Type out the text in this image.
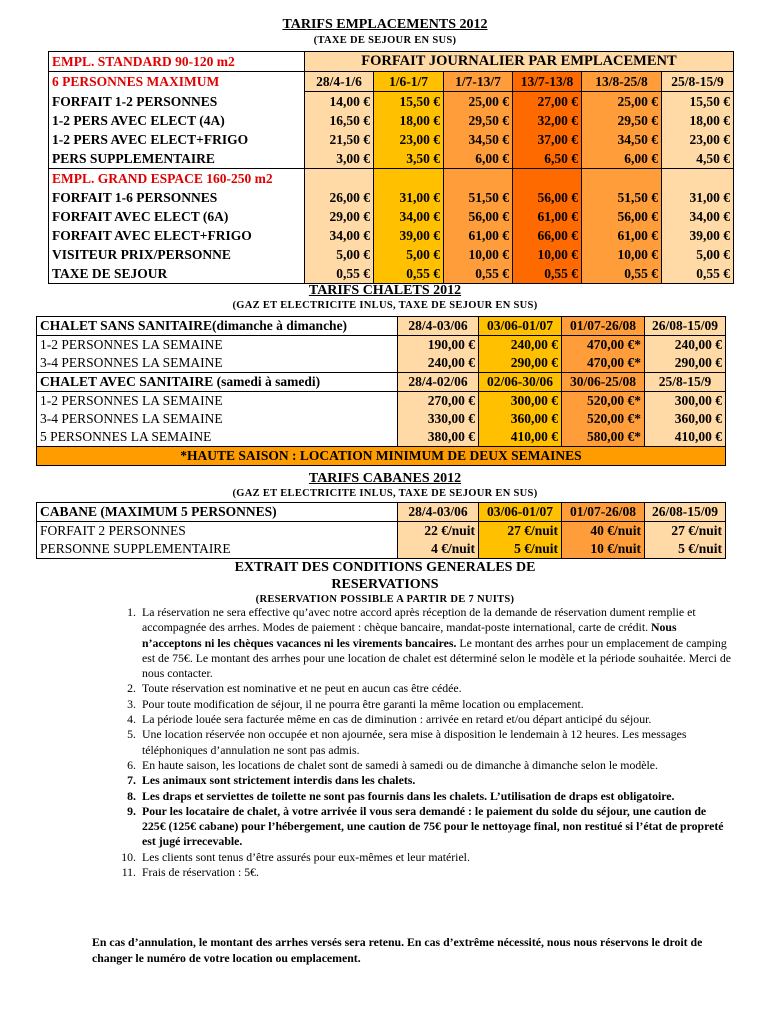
TARIFS EMPLACEMENTS 2012
(TAXE DE SEJOUR EN SUS)
EMPL. STANDARD 90-120 m2	FORFAIT JOURNALIER PAR EMPLACEMENT					
6 PERSONNES MAXIMUM	28/4-1/6	1/6-1/7	1/7-13/7	13/7-13/8	13/8-25/8	25/8-15/9
FORFAIT 1-2 PERSONNES	14,00 €	15,50 €	25,00 €	27,00 €	25,00 €	15,50 €
1-2 PERS AVEC ELECT (4A)	16,50 €	18,00 €	29,50 €	32,00 €	29,50 €	18,00 €
1-2 PERS AVEC ELECT+FRIGO	21,50 €	23,00 €	34,50 €	37,00 €	34,50 €	23,00 €
PERS SUPPLEMENTAIRE	3,00 €	3,50 €	6,00 €	6,50 €	6,00 €	4,50 €
EMPL. GRAND ESPACE 160-250 m2						
FORFAIT 1-6 PERSONNES	26,00 €	31,00 €	51,50 €	56,00 €	51,50 €	31,00 €
FORFAIT AVEC ELECT (6A)	29,00 €	34,00 €	56,00 €	61,00 €	56,00 €	34,00 €
FORFAIT AVEC ELECT+FRIGO	34,00 €	39,00 €	61,00 €	66,00 €	61,00 €	39,00 €
VISITEUR PRIX/PERSONNE	5,00 €	5,00 €	10,00 €	10,00 €	10,00 €	5,00 €
TAXE DE SEJOUR	0,55 €	0,55 €	0,55 €	0,55 €	0,55 €	0,55 €
TARIFS CHALETS 2012
(GAZ ET ELECTRICITE INLUS, TAXE DE SEJOUR EN SUS)
CHALET SANS SANITAIRE(dimanche à dimanche)	28/4-03/06	03/06-01/07	01/07-26/08	26/08-15/09
1-2 PERSONNES LA SEMAINE	190,00 €	240,00 €	470,00 €*	240,00 €
3-4 PERSONNES LA SEMAINE	240,00 €	290,00 €	470,00 €*	290,00 €
CHALET AVEC SANITAIRE (samedi à samedi)	28/4-02/06	02/06-30/06	30/06-25/08	25/8-15/9
1-2 PERSONNES LA SEMAINE	270,00 €	300,00 €	520,00 €*	300,00 €
3-4 PERSONNES LA SEMAINE	330,00 €	360,00 €	520,00 €*	360,00 €
5 PERSONNES LA SEMAINE	380,00 €	410,00 €	580,00 €*	410,00 €
*HAUTE SAISON : LOCATION MINIMUM DE DEUX SEMAINES				
TARIFS CABANES 2012
(GAZ ET ELECTRICITE INLUS, TAXE DE SEJOUR EN SUS)
CABANE (MAXIMUM 5 PERSONNES)	28/4-03/06	03/06-01/07	01/07-26/08	26/08-15/09
FORFAIT 2 PERSONNES	22 €/nuit	27 €/nuit	40 €/nuit	27 €/nuit
PERSONNE SUPPLEMENTAIRE	4 €/nuit	5 €/nuit	10 €/nuit	5 €/nuit
EXTRAIT DES CONDITIONS GENERALES DE
RESERVATIONS
(RESERVATION POSSIBLE A PARTIR DE 7 NUITS)
1. La réservation ne sera effective qu’avec notre accord après réception de la demande de réservation dument remplie et accompagnée des arrhes. Modes de paiement : chèque bancaire, mandat-poste international, carte de crédit. Nous n’acceptons ni les chèques vacances ni les virements bancaires. Le montant des arrhes pour un emplacement de camping est de 75€. Le montant des arrhes pour une location de chalet est déterminé selon le modèle et la période souhaitée. Merci de nous contacter.
2. Toute réservation est nominative et ne peut en aucun cas être cédée.
3. Pour toute modification de séjour, il ne pourra être garanti la même location ou emplacement.
4. La période louée sera facturée même en cas de diminution : arrivée en retard et/ou départ anticipé du séjour.
5. Une location réservée non occupée et non ajournée, sera mise à disposition le lendemain à 12 heures. Les messages téléphoniques d’annulation ne sont pas admis.
6. En haute saison, les locations de chalet sont de samedi à samedi ou de dimanche à dimanche selon le modèle.
7. Les animaux sont strictement interdis dans les chalets.
8. Les draps et serviettes de toilette ne sont pas fournis dans les chalets. L’utilisation de draps est obligatoire.
9. Pour les locataire de chalet, à votre arrivée il vous sera demandé : le paiement du solde du séjour, une caution de 225€ (125€ cabane) pour l’hébergement, une caution de 75€ pour le nettoyage final, non restitué si l’état de propreté est jugé irrecevable.
10. Les clients sont tenus d’être assurés pour eux-mêmes et leur matériel.
11. Frais de réservation : 5€.
En cas d’annulation, le montant des arrhes versés sera retenu. En cas d’extrême nécessité, nous nous réservons le droit de changer le numéro de votre location ou emplacement.
